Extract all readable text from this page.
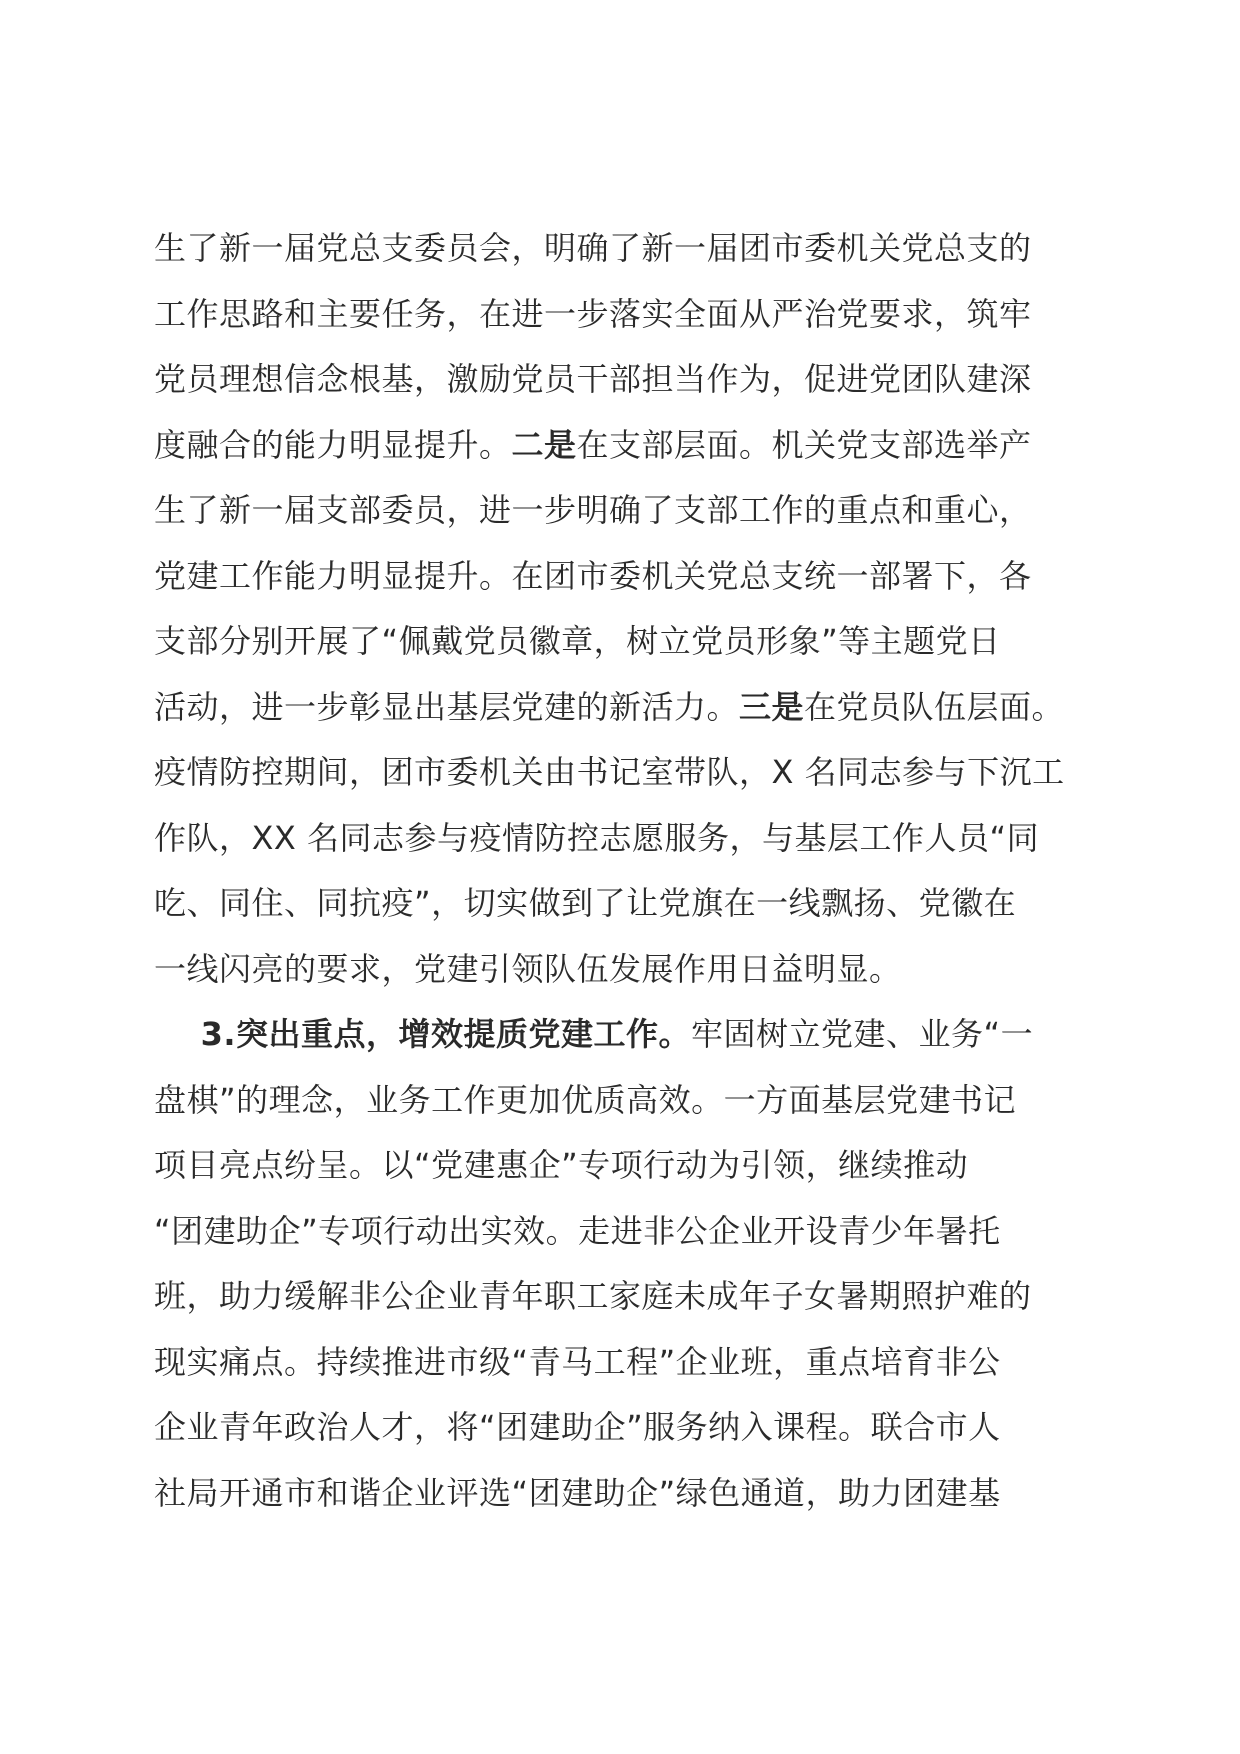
生了新一届党总支委员会，明确了新一届团市委机关党总支的
工作思路和主要任务，在进一步落实全面从严治党要求，筑牢
党员理想信念根基，激励党员干部担当作为，促进党团队建深
度融合的能力明显提升。二是在支部层面。机关党支部选举产
生了新一届支部委员，进一步明确了支部工作的重点和重心，
党建工作能力明显提升。在团市委机关党总支统一部署下，各
支部分别开展了“佩戴党员徽章，树立党员形象”等主题党日
活动，进一步彰显出基层党建的新活力。三是在党员队伍层面。
疫情防控期间，团市委机关由书记室带队，X 名同志参与下沉工
作队，XX 名同志参与疫情防控志愿服务，与基层工作人员“同
吃、同住、同抗疫”，切实做到了让党旗在一线飘扬、党徽在
一线闪亮的要求，党建引领队伍发展作用日益明显。
3.突出重点，增效提质党建工作。牢固树立党建、业务“一
盘棋”的理念，业务工作更加优质高效。一方面基层党建书记
项目亮点纷呈。以“党建惠企”专项行动为引领，继续推动
“团建助企”专项行动出实效。走进非公企业开设青少年暑托
班，助力缓解非公企业青年职工家庭未成年子女暑期照护难的
现实痛点。持续推进市级“青马工程”企业班，重点培育非公
企业青年政治人才，将“团建助企”服务纳入课程。联合市人
社局开通市和谐企业评选“团建助企”绿色通道，助力团建基
